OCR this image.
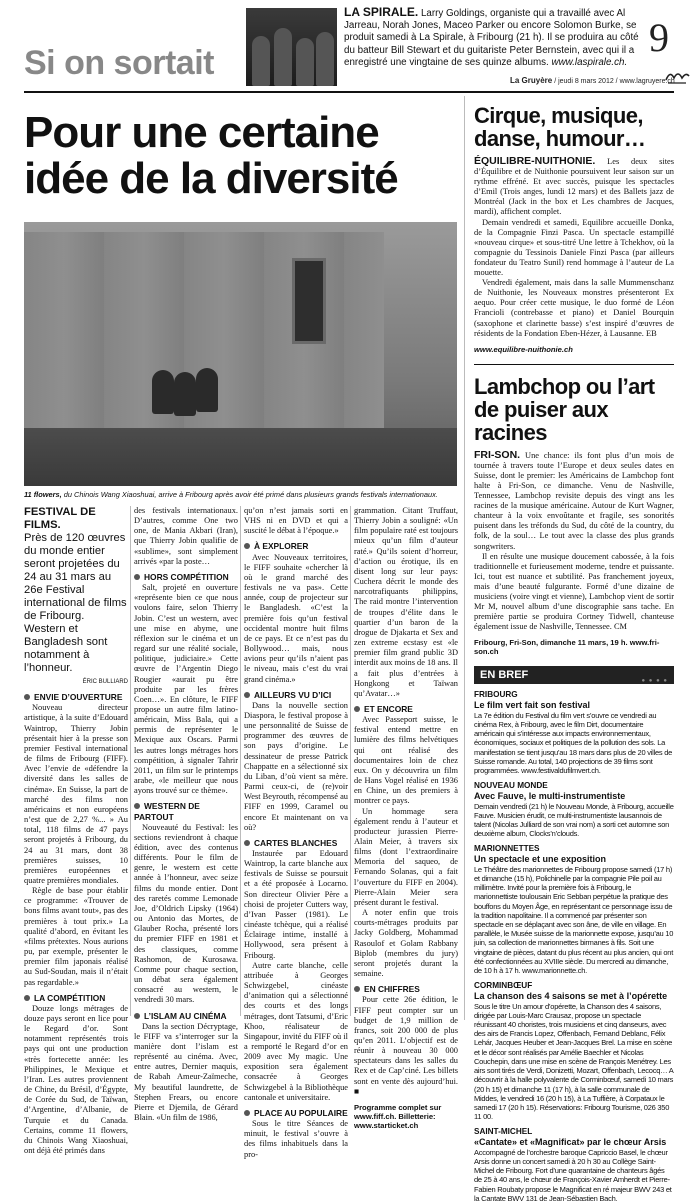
Si on sortait
LA SPIRALE. Larry Goldings, organiste qui a travaillé avec Al Jarreau, Norah Jones, Maceo Parker ou encore Solomon Burke, se produit samedi à La Spirale, à Fribourg (21 h). Il se produira au côté du batteur Bill Stewart et du guitariste Peter Bernstein, avec qui il a enregistré une vingtaine de ses quinze albums. www.laspirale.ch.
9
La Gruyère / jeudi 8 mars 2012 / www.lagruyere.ch
Pour une certaine idée de la diversité
11 flowers, du Chinois Wang Xiaoshuai, arrive à Fribourg après avoir été primé dans plusieurs grands festivals internationaux.

FESTIVAL DE FILMS.
Près de 120 œuvres du monde entier seront projetées du 24 au 31 mars au 26e Festival international de films de Fribourg. Western et Bangladesh sont notamment à l’honneur.

ÉRIC BULLIARD
ENVIE D’OUVERTURE

Nouveau directeur artistique, à la suite d’Edouard Waintrop, Thierry Jobin présentait hier à la presse son premier Festival international de films de Fribourg (FIFF). Avec l’envie de «défendre la diversité dans les salles de cinéma». En Suisse, la part de marché des films non américains et non européens n’est que de 2,27 %... » Au total, 118 films de 47 pays seront projetés à Fribourg, du 24 au 31 mars, dont 38 premières suisses, 10 premières européennes et quatre premières mondiales.

Règle de base pour établir ce programme: «Trouver de bons films avant tout», pas des premières à tout prix.» La qualité d’abord, en évitant les «films prétextes. Nous aurions pu, par exemple, présenter le premier film japonais réalisé au Sud-Soudan, mais il n’était pas regardable.»

LA COMPÉTITION

Douze longs métrages de douze pays seront en lice pour le Regard d’or. Sont notamment représentés trois pays qui ont une production «très fortecette année: les Philippines, le Mexique et l’Iran. Les autres proviennent de Chine, du Brésil, d’Égypte, de Corée du Sud, de Taïwan, d’Argentine, d’Albanie, de Turquie et du Canada. Certains, comme 11 flowers, du Chinois Wang Xiaoshuai, ont déjà été primés dans

des festivals internationaux. D’autres, comme One two one, de Mania Akbari (Iran), que Thierry Jobin qualifie de «sublime», sont simplement arrivés «par la poste…

HORS COMPÉTITION

Salt, projeté en ouverture «représente bien ce que nous voulons faire, selon Thierry Jobin. C’est un western, avec une mise en abyme, une réflexion sur le cinéma et un regard sur une réalité sociale, politique, judiciaire.» Cette œuvre de l’Argentin Diego Rougier «aurait pu être produite par les frères Coen…». En clôture, le FIFF propose un autre film latino-américain, Miss Bala, qui a permis de représenter le Mexique aux Oscars. Parmi les autres longs métrages hors compétition, à signaler Tahrir 2011, un film sur le printemps arabe, «le meilleur que nous ayons trouvé sur ce thème».

WESTERN DE PARTOUT

Nouveauté du Festival: les sections reviendront à chaque édition, avec des contenus différents. Pour le film de genre, le western est cette année à l’honneur, avec seize films du monde entier. Dont des raretés comme Lemonade Joe, d’Oldrich Lipsky (1964) ou Antonio das Mortes, de Glauber Rocha, présenté lors du premier FIFF en 1981 et des classiques, comme Rashomon, de Kurosawa. Comme pour chaque section, un débat sera également consacré au western, le vendredi 30 mars.

L’ISLAM AU CINÉMA

Dans la section Décryptage, le FIFF va s’interroger sur la manière dont l’islam est représenté au cinéma. Avec, entre autres, Dernier maquis, de Rabah Ameur-Zaïmeche, My beautiful laundrette, de Stephen Frears, ou encore Pierre et Djemila, de Gérard Blain. «Un film de 1986,

qu’on n’est jamais sorti en VHS ni en DVD et qui a suscité le débat à l’époque.»

À EXPLORER

Avec Nouveaux territoires, le FIFF souhaite «chercher là où le grand marché des festivals ne va pas». Cette année, coup de projecteur sur le Bangladesh. «C’est la première fois qu’un festival occidental montre huit films de ce pays. Et ce n’est pas du Bollywood… mais, nous avions peur qu’ils n’aient pas le niveau, mais c’est du vrai grand cinéma.»

AILLEURS VU D’ICI

Dans la nouvelle section Diaspora, le festival propose à une personnalité de Suisse de programmer des œuvres de son pays d’origine. Le dessinateur de presse Patrick Chappatte en a sélectionné six du Liban, d’où vient sa mère. Parmi ceux-ci, de (re)voir West Beyrouth, récompensé au FIFF en 1999, Caramel ou encore Et maintenant on va où?

CARTES BLANCHES

Instaurée par Edouard Waintrop, la carte blanche aux festivals de Suisse se poursuit et a été proposée à Locarno. Son directeur Olivier Père a choisi de projeter Cutters way, d’Ivan Passer (1981). Le cinéaste tchèque, qui a réalisé Éclairage intime, installé à Hollywood, sera présent à Fribourg.

Autre carte blanche, celle attribuée à Georges Schwizgebel, cinéaste d’animation qui a sélectionné des courts et des longs métrages, dont Tatsumi, d’Eric Khoo, réalisateur de Singapour, invité du FIFF où il a remporté le Regard d’or en 2009 avec My magic. Une exposition sera également consacrée à Georges Schwizgebel à la Bibliothèque cantonale et universitaire.

PLACE AU POPULAIRE

Sous le titre Séances de minuit, le festival s’ouvre à des films inhabituels dans la pro-

grammation. Citant Truffaut, Thierry Jobin a souligné: «Un film populaire raté est toujours mieux qu’un film d’auteur raté.» Qu’ils soient d’horreur, d’action ou érotique, ils en disent long sur leur pays: Cuchera décrit le monde des narcotrafiquants philippins, The raid montre l’intervention de troupes d’élite dans le quartier d’un baron de la drogue de Djakarta et Sex and zen extreme ecstasy est «le premier film grand public 3D interdit aux moins de 18 ans. Il a fait plus d’entrées à Hongkong et Taïwan qu’Avatar…»

ET ENCORE

Avec Passeport suisse, le festival entend mettre en lumière des films helvétiques qui ont réalisé des documentaires loin de chez eux. On y découvrira un film de Hans Vogel réalisé en 1936 en Chine, un des premiers à montrer ce pays.

Un hommage sera également rendu à l’auteur et producteur jurassien Pierre-Alain Meier, à travers six films (dont l’extraordinaire Memoria del saqueo, de Fernando Solanas, qui a fait l’ouverture du FIFF en 2004). Pierre-Alain Meier sera présent durant le festival.

A noter enfin que trois courts-métrages produits par Jacky Goldberg, Mohammad Rasoulof et Golam Rabbany Biplob (membres du jury) seront projetés durant la semaine.

EN CHIFFRES

Pour cette 26e édition, le FIFF peut compter sur un budget de 1,9 million de francs, soit 200 000 de plus qu’en 2011. L’objectif est de réunir à nouveau 30 000 spectateurs dans les salles du Rex et de Cap’ciné. Les billets sont en vente dès aujourd’hui. ■

Programme complet sur
www.fiff.ch. Billetterie:
www.starticket.ch

Cirque, musique, danse, humour…

ÉQUILIBRE-NUITHONIE. Les deux sites d’Équilibre et de Nuithonie poursuivent leur saison sur un rythme effréné. Et avec succès, puisque les spectacles d’Emil (Trois anges, lundi 12 mars) et des Ballets jazz de Montréal (Jack in the box et Les chambres de Jacques, mardi), affichent complet.

Demain vendredi et samedi, Equilibre accueille Donka, de la Compagnie Finzi Pasca. Un spectacle estampillé «nouveau cirque» et sous-titré Une lettre à Tchekhov, où la compagnie du Tessinois Daniele Finzi Pasca (par ailleurs fondateur du Teatro Sunil) rend hommage à l’auteur de La mouette.

Vendredi également, mais dans la salle Mummenschanz de Nuithonie, les Nouveaux monstres présenteront Ex aequo. Pour créer cette musique, le duo formé de Léon Francioli (contrebasse et piano) et Daniel Bourquin (saxophone et clarinette basse) s’est inspiré d’œuvres de résidents de la Fondation Eben-Hézer, à Lausanne. EB

www.equilibre-nuithonie.ch
Lambchop ou l’art de puiser aux racines

FRI-SON. Une chance: ils font plus d’un mois de tournée à travers toute l’Europe et deux seules dates en Suisse, dont le premier: les Américains de Lambchop font halte à Fri-Son, ce dimanche. Venu de Nashville, Tennessee, Lambchop revisite depuis des vingt ans les racines de la musique américaine. Autour de Kurt Wagner, chanteur à la voix envoûtante et fragile, ses sonorités puisent dans les tréfonds du Sud, du côté de la country, du folk, de la soul… Le tout avec la classe des plus grands songwriters.

Il en résulte une musique doucement cabossée, à la fois traditionnelle et furieusement moderne, tendre et puissante. Ici, tout est nuance et subtilité. Pas franchement joyeux, mais d’une beauté fulgurante. Formé d’une dizaine de musiciens (voire vingt et vienne), Lambchop vient de sortir Mr M, nouvel album d’une discographie sans tache. En première partie se produira Cortney Tidwell, chanteuse également issue de Nashville, Tennessee. CM

Fribourg, Fri-Son, dimanche 11 mars, 19 h. www.fri-son.ch
EN BREF	● ● ● ●
FRIBOURG
Le film vert fait son festival
La 7e édition du Festival du film vert s’ouvre ce vendredi au cinéma Rex, à Fribourg, avec le film Dirt, documentaire américain qui s’intéresse aux impacts environnementaux, économiques, sociaux et politiques de la pollution des sols. La manifestation se tient jusqu’au 18 mars dans plus de 20 villes de Suisse romande. Au total, 140 projections de 39 films sont programmées. www.festivaldufilmvert.ch.
NOUVEAU MONDE
Avec Fauve, le multi-instrumentiste
Demain vendredi (21 h) le Nouveau Monde, à Fribourg, accueille Fauve. Musicien érudit, ce multi-instrumentiste lausannois de talent (Nicolas Julliard de son vrai nom) a sorti cet automne son deuxième album, Clocks’n’clouds.
MARIONNETTES
Un spectacle et une exposition
Le Théâtre des marionnettes de Fribourg propose samedi (17 h) et dimanche (15 h), Polichinelle par la compagnie Pile poil au millimètre. Invité pour la première fois à Fribourg, le marionnettiste toulousain Eric Sebban perpétue la pratique des bouffons du Moyen Âge, en représentant ce personnage issu de la tradition napolitaine. Il a commencé par présenter son spectacle en se déplaçant avec son âne, de ville en village. En parallèle, le Musée suisse de la marionnette expose, jusqu’au 10 juin, sa collection de marionnettes birmanes à fils. Soit une vingtaine de pièces, datant du plus récent au plus ancien, qui ont été confectionnées au XVIIIe siècle. Du mercredi au dimanche, de 10 h à 17 h. www.marionnette.ch.
CORMINBŒUF
La chanson des 4 saisons se met à l’opérette
Sous le titre Un amour d’opérette, la Chanson des 4 saisons, dirigée par Louis-Marc Crausaz, propose un spectacle réunissant 40 choristes, trois musiciens et cinq danseurs, avec des airs de Francis Lopez, Offenbach, Fernand Deblanc, Félix Lehár, Jacques Heuber et Jean-Jacques Brel. La mise en scène et le décor sont réalisés par Amélie Baechler et Nicolas Couchepin, dans une mise en scène de François Menétrey. Les airs sont tirés de Verdi, Donizetti, Mozart, Offenbach, Lecocq… A découvrir à la halle polyvalente de Corminbœuf, samedi 10 mars (20 h 15) et dimanche 11 (17 h), à la salle communale de Middes, le vendredi 16 (20 h 15), à La Tuffière, à Corpataux le samedi 17 (20 h 15). Réservations: Fribourg Tourisme, 026 350 11 00.
SAINT-MICHEL
«Cantate» et «Magnificat» par le chœur Arsis
Accompagné de l’orchestre baroque Capriccio Basel, le chœur Arsis donne un concert samedi à 20 h 30 au Collège Saint-Michel de Fribourg. Fort d’une quarantaine de chanteurs âgés de 25 à 40 ans, le chœur de François-Xavier Amherdt et Pierre-Fabien Roubaty propose le Magnificat en ré majeur BWV 243 et la Cantate BWV 131 de Jean-Sébastien Bach.
